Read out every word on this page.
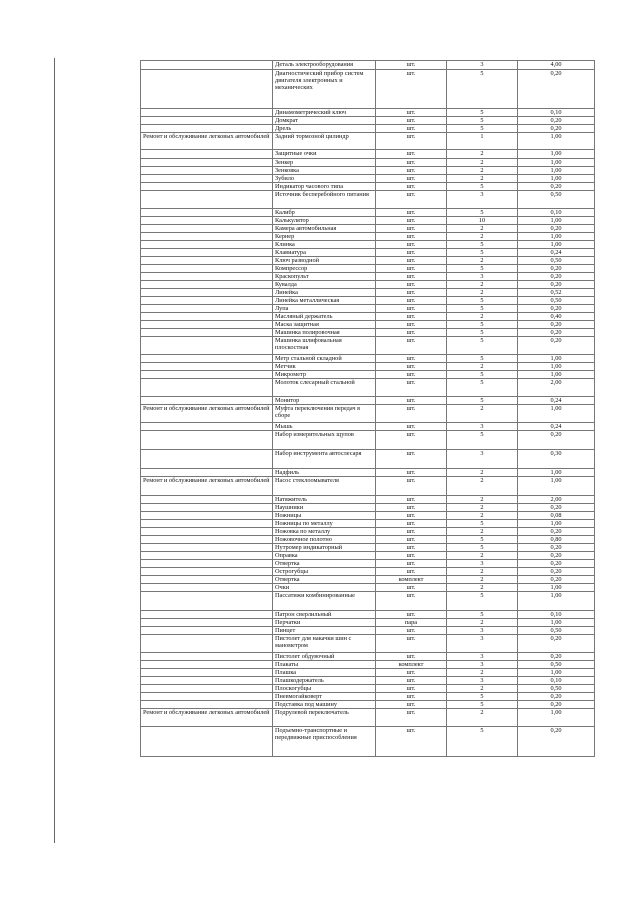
	Деталь электрооборудования	шт.	3	4,00
	Диагностический прибор систем двигателя электронных и механических	шт.	5	0,20
	Динамометрический ключ	шт.	5	0,10
	Домкрат	шт.	5	0,20
	Дрель	шт.	5	0,20
Ремонт и обслуживание легковых автомобилей	Задний тормозной цилиндр	шт.	1	1,00
	Защитные очки	шт.	2	1,00
	Зенкер	шт.	2	1,00
	Зенковка	шт.	2	1,00
	Зубило	шт.	2	1,00
	Индикатор часового типа	шт.	5	0,20
	Источник бесперебойного питания	шт.	3	0,50
	Калибр	шт.	5	0,10
	Калькулятор	шт.	10	1,00
	Камера автомобильная	шт.	2	0,20
	Кернер	шт.	2	1,00
	Клинка	шт.	5	1,00
	Клавиатура	шт.	5	0,24
	Ключ разводной	шт.	2	0,50
	Компрессор	шт.	5	0,20
	Краскопульт	шт.	3	0,20
	Кувалда	шт.	2	0,20
	Линейка	шт.	2	0,52
	Линейка металлическая	шт.	5	0,50
	Лупа	шт.	5	0,20
	Масляный держатель	шт.	2	0,40
	Маска защитная	шт.	5	0,20
	Машинка полировочная	шт.	5	0,20
	Машинка шлифовальная плоскостная	шт.	5	0,20
	Метр стальной складной	шт.	5	1,00
	Метчик	шт.	2	1,00
	Микрометр	шт.	5	1,00
	Молоток слесарный стальной	шт.	5	2,00
	Монитор	шт.	5	0,24
Ремонт и обслуживание легковых автомобилей	Муфта переключения передач в сборе	шт.	2	1,00
	Мышь	шт.	3	0,24
	Набор измерительных щупов	шт.	5	0,20
	Набор инструмента автослесаря	шт.	3	0,30
	Надфиль	шт.	2	1,00
Ремонт и обслуживание легковых автомобилей	Насос стеклоомывателя	шт.	2	1,00
	Натяжитель	шт.	2	2,00
	Наушники	шт.	2	0,20
	Ножницы	шт.	2	0,08
	Ножницы по металлу	шт.	5	1,00
	Ножовка по металлу	шт.	2	0,20
	Ножовочное полотно	шт.	5	0,80
	Нутромер индикаторный	шт.	5	0,20
	Оправка	шт.	2	0,20
	Отвертка	шт.	3	0,20
	Острогубцы	шт.	2	0,20
	Отвертка	комплект	2	0,20
	Очки	шт.	2	1,00
	Пассатижи комбинированные	шт.	5	1,00
	Патрон сверлильный	шт.	5	0,10
	Перчатки	пара	2	1,00
	Пинцет	шт.	3	0,50
	Пистолет для накачки шин с манометром	шт.	3	0,20
	Пистолет обдувочный	шт.	3	0,20
	Плакаты	комплект	3	0,50
	Плашка	шт.	2	1,00
	Плашкодержатель	шт.	3	0,10
	Плоскогубцы	шт.	2	0,50
	Пневмогайковерт	шт.	5	0,20
	Подставка под машину	шт.	5	0,20
Ремонт и обслуживание легковых автомобилей	Подрулевой переключатель	шт.	2	1,00
	Подъемно-транспортные и передвижные приспособления	шт.	5	0,20
